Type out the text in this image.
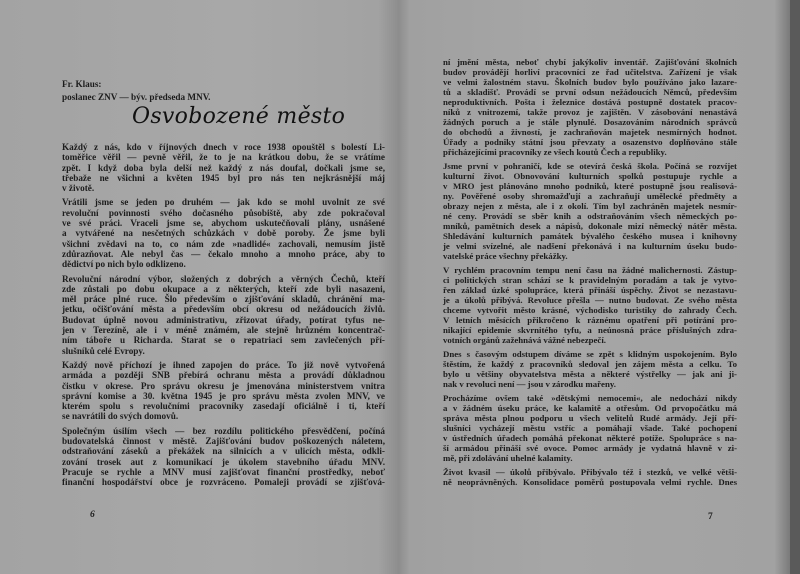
Fr. Klaus:
poslanec ZNV — býv. předseda MNV.
Osvobozené město
Každý z nás, kdo v říjnových dnech v roce 1938 opouštěl s bolestí Li-
toměřice věřil — pevně věřil, že to je na krátkou dobu, že se vrátíme
zpět. I když doba byla delší než každý z nás doufal, dočkali jsme se,
třebaže ne všichni a květen 1945 byl pro nás ten nejkrásnější máj
v životě.
Vrátili jsme se jeden po druhém — jak kdo se mohl uvolnit ze své
revoluční povinnosti svého dočasného působiště, aby zde pokračoval
ve své práci. Vraceli jsme se, abychom uskutečňovali plány, usnášené
a vytvářené na nesčetných schůzkách v době poroby. Že jsme byli
všichni zvědavi na to, co nám zde »nadlidé« zachovali, nemusím jistě
zdůrazňovat. Ale nebyl čas — čekalo mnoho a mnoho práce, aby to
dědictví po nich bylo odklizeno.
Revoluční národní výbor, složených z dobrých a věrných Čechů, kteří
zde zůstali po dobu okupace a z některých, kteří zde byli nasazeni,
měl práce plné ruce. Šlo především o zjišťování skladů, chránění ma-
jetku, očišťování města a především obcí okresu od nežádoucích živlů.
Budovat úplně novou administrativu, zřizovat úřady, potírat tyfus ne-
jen v Terezíně, ale i v méně známém, ale stejně hrůzném koncentrač-
ním táboře u Richarda. Starat se o repatriaci sem zavlečených pří-
slušníků celé Evropy.
Každý nově příchozí je ihned zapojen do práce. To již nově vytvořená
armáda a později SNB přebírá ochranu města a provádí důkladnou
čistku v okrese. Pro správu okresu je jmenována ministerstvem vnitra
správní komise a 30. května 1945 je pro správu města zvolen MNV, ve
kterém spolu s revolučními pracovníky zasedají oficiálně i ti, kteří
se navrátili do svých domovů.
Společným úsilím všech — bez rozdílu politického přesvědčení, počíná
budovatelská činnost v městě. Zajišťování budov poškozených náletem,
odstraňování záseků a překážek na silnicích a v ulicích města, odkli-
zování trosek aut z komunikací je úkolem stavebního úřadu MNV.
Pracuje se rychle a MNV musí zajišťovat finanční prostředky, neboť
finanční hospodářství obce je rozvráceno. Pomaleji provádí se zjišťová-
ní jmění města, neboť chybí jakýkoliv inventář. Zajišťování školních
budov provádějí horliví pracovníci ze řad učitelstva. Zařízení je však
ve velmi žalostném stavu. Školních budov bylo používáno jako lazare-
tů a skladišť. Provádí se první odsun nežádoucích Němců, především
neproduktivních. Pošta i železnice dostává postupně dostatek pracov-
níků z vnitrozemí, takže provoz je zajištěn. V zásobování nenastává
žádných poruch a je stále plynulé. Dosazováním národních správců
do obchodů a živností, je zachraňován majetek nesmírných hodnot.
Úřady a podniky státní jsou převzaty a osazenstvo doplňováno stále
přicházejícími pracovníky ze všech koutů Čech a republiky.
Jsme první v pohraničí, kde se otevírá česká škola. Počíná se rozvíjet
kulturní život. Obnovování kulturních spolků postupuje rychle a
v MRO jest plánováno mnoho podniků, které postupně jsou realisová-
ny. Pověřené osoby shromažďují a zachraňují umělecké předměty a
obrazy nejen z města, ale i z okolí. Tím byl zachráněn majetek nesmír-
né ceny. Provádí se sběr knih a odstraňováním všech německých po-
mníků, pamětních desek a nápisů, dokonale mizí německý nátěr města.
Shledávání kulturních památek bývalého českého musea i knihovny
je velmi svízelné, ale nadšení překonává i na kulturním úseku budo-
vatelské práce všechny překážky.
V rychlém pracovním tempu není času na žádné malichernosti. Zástup-
ci politických stran schází se k pravidelným poradám a tak je vytvo-
řen základ úzké spolupráce, která přináší úspěchy. Život se nezastavu-
je a úkolů přibývá. Revoluce přešla — nutno budovat. Ze svého města
chceme vytvořit město krásné, východisko turistiky do zahrady Čech.
V letních měsících přikročeno k ráznému opatření při potírání pro-
nikající epidemie skvrnitého tyfu, a neúnosná práce příslušných zdra-
votních orgánů zažehnává vážné nebezpečí.
Dnes s časovým odstupem díváme se zpět s klidným uspokojením. Bylo
štěstím, že každý z pracovníků sledoval jen zájem města a celku. To
bylo u většiny obyvatelstva města a některé výstřelky — jak ani ji-
nak v revoluci není — jsou v zárodku mařeny.
Procházíme ovšem také »dětskými nemocemi«, ale nedochází nikdy
a v žádném úseku práce, ke kalamitě a otřesům. Od prvopočátku má
správa města plnou podporu u všech velitelů Rudé armády. Její pří-
slušníci vycházejí městu vstříc a pomáhají všade. Také pochopení
v ústředních úřadech pomáhá překonat některé potíže. Spolupráce s na-
ší armádou přináší své ovoce. Pomoc armády je vydatná hlavně v zi-
mě, při zdolávání uhelné kalamity.
Život kvasil — úkolů přibývalo. Přibývalo též i stezků, ve velké větši-
ně neoprávněných. Konsolidace poměrů postupovala velmi rychle. Dnes
6	7
